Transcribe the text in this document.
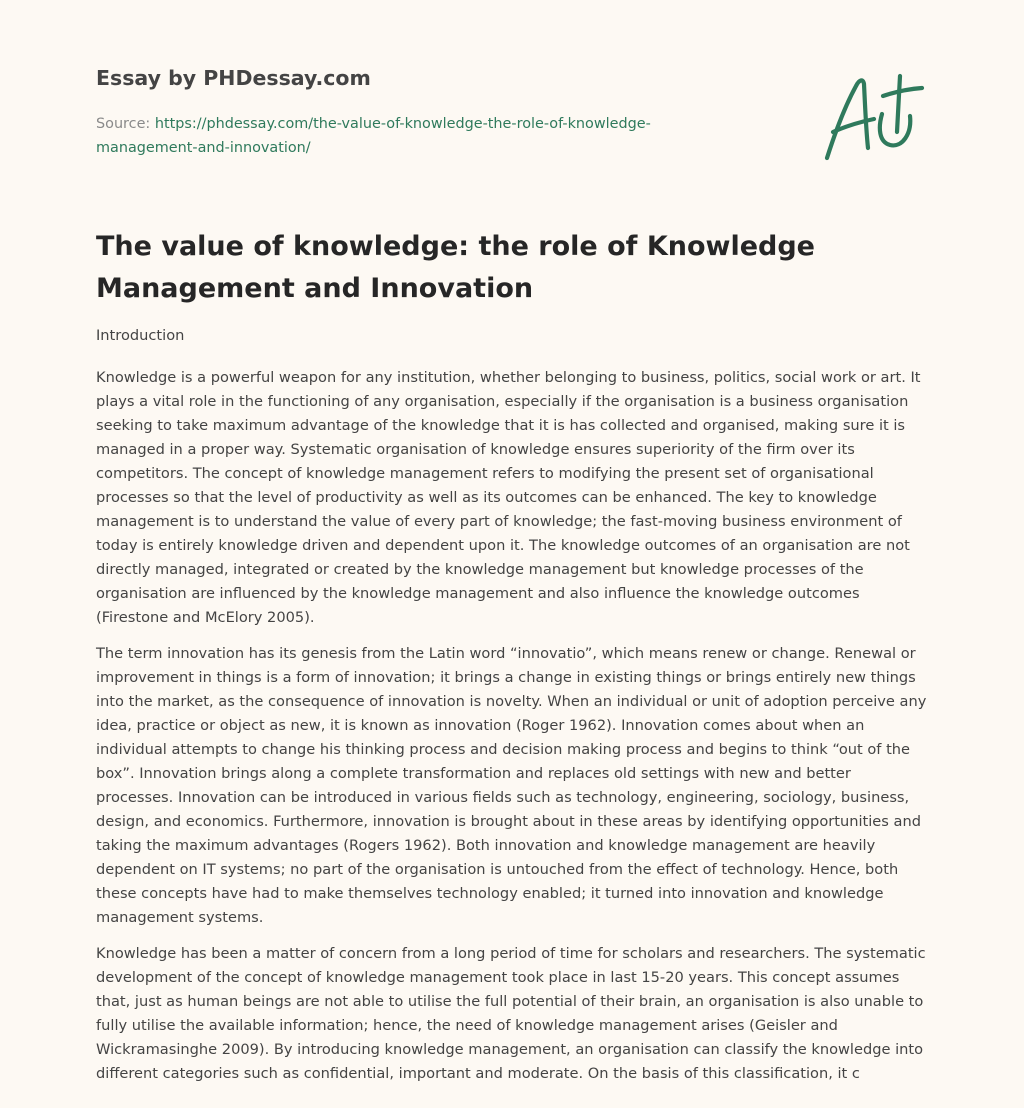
Essay by PHDessay.com
Source: https://phdessay.com/the-value-of-knowledge-the-role-of-knowledge-management-and-innovation/
The value of knowledge: the role of Knowledge Management and Innovation

Introduction

Knowledge is a powerful weapon for any institution, whether belonging to business, politics, social work or art. It plays a vital role in the functioning of any organisation, especially if the organisation is a business organisation seeking to take maximum advantage of the knowledge that it is has collected and organised, making sure it is managed in a proper way. Systematic organisation of knowledge ensures superiority of the firm over its competitors. The concept of knowledge management refers to modifying the present set of organisational processes so that the level of productivity as well as its outcomes can be enhanced. The key to knowledge management is to understand the value of every part of knowledge; the fast-moving business environment of today is entirely knowledge driven and dependent upon it. The knowledge outcomes of an organisation are not directly managed, integrated or created by the knowledge management but knowledge processes of the organisation are influenced by the knowledge management and also influence the knowledge outcomes (Firestone and McElory 2005).

The term innovation has its genesis from the Latin word “innovatio”, which means renew or change. Renewal or improvement in things is a form of innovation; it brings a change in existing things or brings entirely new things into the market, as the consequence of innovation is novelty. When an individual or unit of adoption perceive any idea, practice or object as new, it is known as innovation (Roger 1962). Innovation comes about when an individual attempts to change his thinking process and decision making process and begins to think “out of the box”. Innovation brings along a complete transformation and replaces old settings with new and better processes. Innovation can be introduced in various fields such as technology, engineering, sociology, business, design, and economics. Furthermore, innovation is brought about in these areas by identifying opportunities and taking the maximum advantages (Rogers 1962). Both innovation and knowledge management are heavily dependent on IT systems; no part of the organisation is untouched from the effect of technology. Hence, both these concepts have had to make themselves technology enabled; it turned into innovation and knowledge management systems.

Knowledge has been a matter of concern from a long period of time for scholars and researchers. The systematic development of the concept of knowledge management took place in last 15-20 years. This concept assumes that, just as human beings are not able to utilise the full potential of their brain, an organisation is also unable to fully utilise the available information; hence, the need of knowledge management arises (Geisler and Wickramasinghe 2009). By introducing knowledge management, an organisation can classify the knowledge into different categories such as confidential, important and moderate. On the basis of this classification, it c
